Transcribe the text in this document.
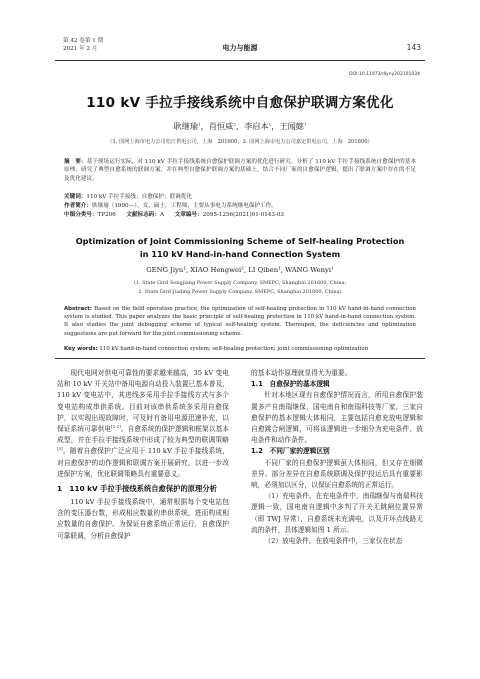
第 42 卷第 1 期
2021 年 2 月	电力与能源	143
DOI:10.11973/dlyny202101034
110 kV 手拉手接线系统中自愈保护联调方案优化
耿继瑜$^1$，肖恒威$^2$，李启本$^1$，王闻懿$^1$
（1. 国网上海市电力公司松江供电公司，上海　201600；2. 国网上海市电力公司嘉定供电公司，上海　201800）
摘　要：基于现场运行实际，对 110 kV 手拉手接线系统自愈保护联调方案的优化进行研究。分析了 110 kV 手拉手接线系统自愈保护的基本原理，研究了典型自愈系统的联调方案，并在典型自愈保护联调方案的基础上，结合不同厂家的自愈保护逻辑，提出了联调方案中存在的不足及优化建议。
关键词：110 kV 手拉手接线；自愈保护；联调优化
作者简介：耿继瑜（1990—），女，硕士，工程师，主要从事电力系统继电保护工作。
中图分类号：TP206 文献标志码：A 文章编号：2095-1256(2021)01-0143-03
Optimization of Joint Commissioning Scheme of Self-healing Protection
in 110 kV Hand-in-hand Connection System
GENG Jiyu¹, XIAO Hengwei², LI Qiben¹, WANG Wenyi¹
(1. State Gird Songjiang Power Supply Company, SMEPC, Shanghai 201600, China;
2. State Gird Jiading Power Supply Company, SMEPC, Shanghai 201800, China)
Abstract: Based on the field operation practice, the optimization of self-healing protection in 110 kV hand-in-hand connection system is studied. This paper analyzes the basic principle of self-healing protection in 110 kV hand-in-hand connection system. It also studies the joint debugging scheme of typical self-healing system. Thereupon, the deficiencies and optimization suggestions are put forward for the joint commissioning scheme.
Key words: 110 kV hand-in-hand connection system; self-healing protection; joint commissioning optimization

现代电网对供电可靠性的要求越来越高，35 kV 变电站和 10 kV 开关站中备用电源自动投入装置已基本普及，110 kV 变电站中，其进线多采用手拉手接线方式与多个变电站构成串供系统。目前对该串供系统多采用自愈保护，以实现出现故障时，可及时有备用电源迅速补充，以保证系统可靠供电[1-2]。自愈系统的保护逻辑和框架以基本成型，并在手拉手接线系统中形成了较为典型的联调策略[3]。随着自愈保护广泛应用于 110 kV 手拉手接线系统，对自愈保护的动作逻辑和联调方案开展研究，以进一步改进保护方案，优化联调策略具有重要意义。

1　110 kV 手拉手接线系统自愈保护的原理分析

110 kV 手拉手接线系统中，通常根据每个变电站包含的变压器台数，形成相应数量的串供系统，进而构成相应数量的自愈保护。为保证自愈系统正常运行，自愈保护可靠联调，分析自愈保护

的基本动作原理就显得尤为重要。

1.1　自愈保护的基本逻辑

针对本地区现有自愈保护情况而言，所用自愈保护装置多产自南瑞继保，国电南自和南瑞科技等厂家。三家自愈保护的基本逻辑大体相同，主要包括自愈充放电逻辑和自愈跳合闸逻辑，可将该逻辑进一步细分为充电条件、放电条件和动作条件。

1.2　不同厂家的逻辑区别

不同厂家的自愈保护逻辑虽大体相同，但又存在细微差异。部分差异在自愈系统联调及保护投运后具有重要影响，必须加以区分，以保证自愈系统的正常运行。

（1）充电条件。在充电条件中，南瑞继保与南瑞科技逻辑一致，国电南自逻辑中多判了开关无跳闸位置异常（即 TWJ 异常），自愈系统未充满电，以及开环点线路无流的条件，具体逻辑如图 1 所示。

（2）放电条件。在放电条件中，三家仅在状态
